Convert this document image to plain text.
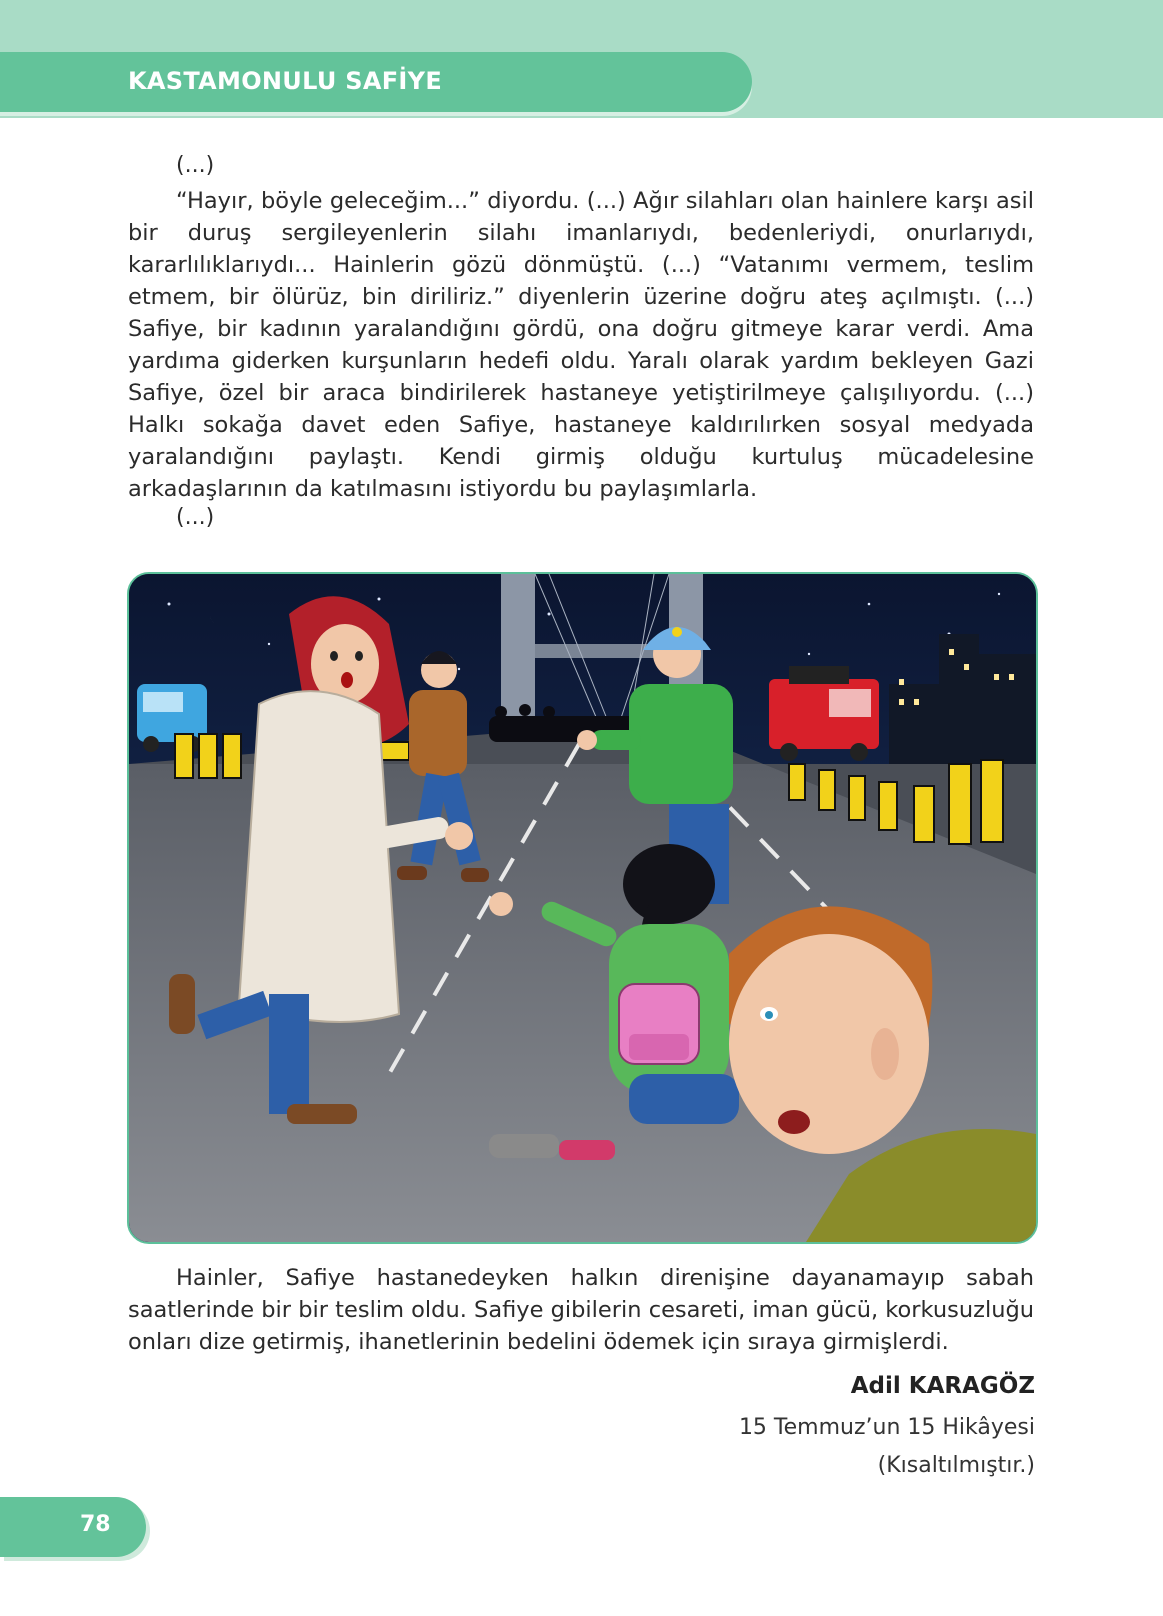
KASTAMONULU SAFİYE
(...)

“Hayır, böyle geleceğim...” diyordu. (...) Ağır silahları olan hainlere karşı asil bir duruş sergileyenlerin silahı imanlarıydı, bedenleriydi, onurlarıydı, kararlılıklarıydı... Hainlerin gözü dönmüştü. (...) “Vatanımı vermem, teslim etmem, bir ölürüz, bin diriliriz.” diyenlerin üzerine doğru ateş açılmıştı. (...) Safiye, bir kadının yaralandığını gördü, ona doğru gitmeye karar verdi. Ama yardıma giderken kurşunların hedefi oldu. Yaralı olarak yardım bekleyen Gazi Safiye, özel bir araca bindirilerek hastaneye yetiştirilmeye çalışılıyordu. (...) Halkı sokağa davet eden Safiye, hastaneye kaldırılırken sosyal medyada yaralandığını paylaştı. Kendi girmiş olduğu kurtuluş mücadelesine arkadaşlarının da katılmasını istiyordu bu paylaşımlarla.

(...)

Hainler, Safiye hastanedeyken halkın direnişine dayanamayıp sabah saatlerinde bir bir teslim oldu. Safiye gibilerin cesareti, iman gücü, korkusuzluğu onları dize getirmiş, ihanetlerinin bedelini ödemek için sıraya girmişlerdi.

Adil KARAGÖZ
15 Temmuz’un 15 Hikâyesi
(Kısaltılmıştır.)
78
